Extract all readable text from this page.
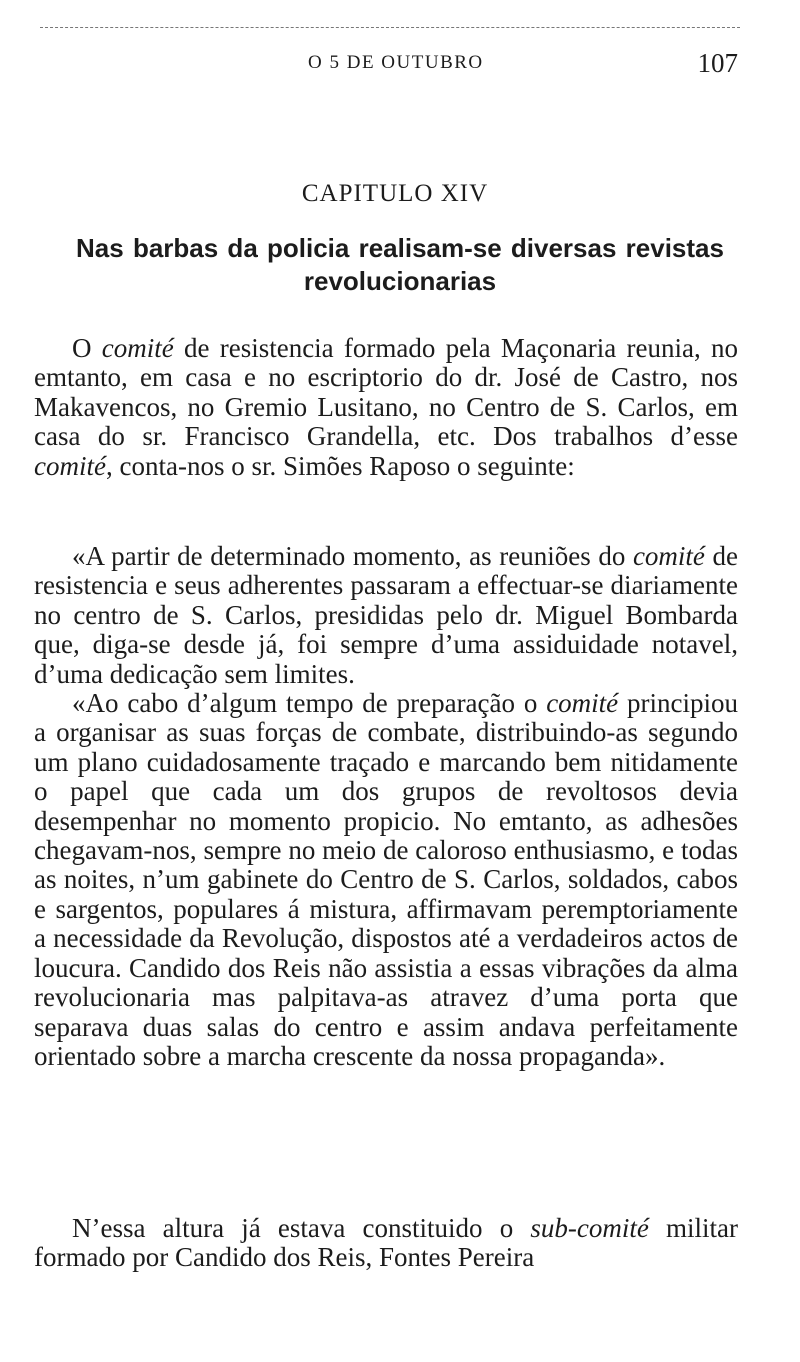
O 5 DE OUTUBRO	107
CAPITULO XIV
Nas barbas da policia realisam-se diversas revistas revolucionarias

O comité de resistencia formado pela Maçonaria reunia, no emtanto, em casa e no escriptorio do dr. José de Castro, nos Makavencos, no Gremio Lusitano, no Centro de S. Carlos, em casa do sr. Francisco Grandella, etc. Dos trabalhos d’esse comité, conta-nos o sr. Simões Raposo o seguinte:

«A partir de determinado momento, as reuniões do comité de resistencia e seus adherentes passaram a effectuar-se diariamente no centro de S. Carlos, presididas pelo dr. Miguel Bombarda que, diga-se desde já, foi sempre d’uma assiduidade notavel, d’uma dedicação sem limites.

«Ao cabo d’algum tempo de preparação o comité principiou a organisar as suas forças de combate, distribuindo-as segundo um plano cuidadosamente traçado e marcando bem nitidamente o papel que cada um dos grupos de revoltosos devia desempenhar no momento propicio. No emtanto, as adhesões chegavam-nos, sempre no meio de caloroso enthusiasmo, e todas as noites, n’um gabinete do Centro de S. Carlos, soldados, cabos e sargentos, populares á mistura, affirmavam peremptoriamente a necessidade da Revolução, dispostos até a verdadeiros actos de loucura. Candido dos Reis não assistia a essas vibrações da alma revolucionaria mas palpitava-as atravez d’uma porta que separava duas salas do centro e assim andava perfeitamente orientado sobre a marcha crescente da nossa propaganda».

N’essa altura já estava constituido o sub-comité militar formado por Candido dos Reis, Fontes Pereira
